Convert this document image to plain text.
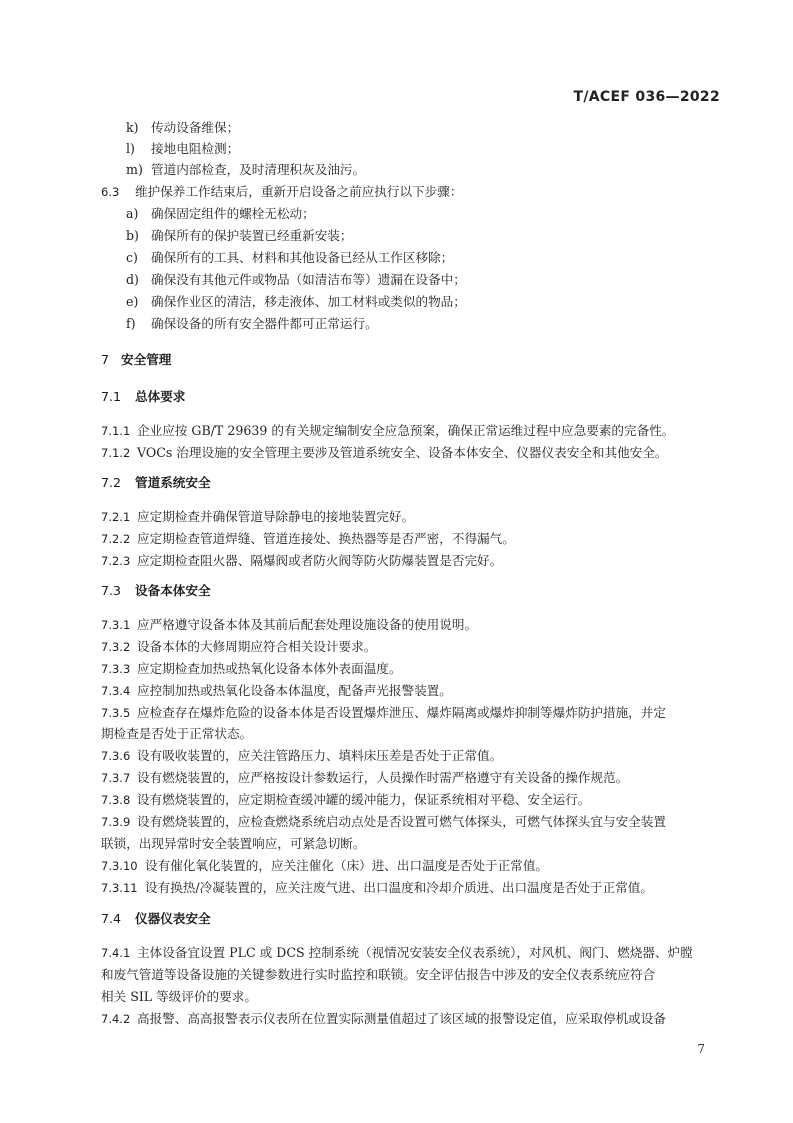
T/ACEF 036—2022
k) 传动设备维保；
l) 接地电阻检测；
m) 管道内部检查，及时清理积灰及油污。
6.3 维护保养工作结束后，重新开启设备之前应执行以下步骤：
a) 确保固定组件的螺栓无松动；
b) 确保所有的保护装置已经重新安装；
c) 确保所有的工具、材料和其他设备已经从工作区移除；
d) 确保没有其他元件或物品（如清洁布等）遗漏在设备中；
e) 确保作业区的清洁，移走液体、加工材料或类似的物品；
f) 确保设备的所有安全器件都可正常运行。
7 安全管理
7.1 总体要求
7.1.1 企业应按 GB/T 29639 的有关规定编制安全应急预案，确保正常运维过程中应急要素的完备性。
7.1.2 VOCs 治理设施的安全管理主要涉及管道系统安全、设备本体安全、仪器仪表安全和其他安全。
7.2 管道系统安全
7.2.1 应定期检查并确保管道导除静电的接地装置完好。
7.2.2 应定期检查管道焊缝、管道连接处、换热器等是否严密，不得漏气。
7.2.3 应定期检查阻火器、隔爆阀或者防火阀等防火防爆装置是否完好。
7.3 设备本体安全
7.3.1 应严格遵守设备本体及其前后配套处理设施设备的使用说明。
7.3.2 设备本体的大修周期应符合相关设计要求。
7.3.3 应定期检查加热或热氧化设备本体外表面温度。
7.3.4 应控制加热或热氧化设备本体温度，配备声光报警装置。
7.3.5 应检查存在爆炸危险的设备本体是否设置爆炸泄压、爆炸隔离或爆炸抑制等爆炸防护措施，并定
期检查是否处于正常状态。
7.3.6 设有吸收装置的，应关注管路压力、填料床压差是否处于正常值。
7.3.7 设有燃烧装置的，应严格按设计参数运行，人员操作时需严格遵守有关设备的操作规范。
7.3.8 设有燃烧装置的，应定期检查缓冲罐的缓冲能力，保证系统相对平稳、安全运行。
7.3.9 设有燃烧装置的，应检查燃烧系统启动点处是否设置可燃气体探头，可燃气体探头宜与安全装置
联锁，出现异常时安全装置响应，可紧急切断。
7.3.10 设有催化氧化装置的，应关注催化（床）进、出口温度是否处于正常值。
7.3.11 设有换热/冷凝装置的，应关注废气进、出口温度和冷却介质进、出口温度是否处于正常值。
7.4 仪器仪表安全
7.4.1 主体设备宜设置 PLC 或 DCS 控制系统（视情况安装安全仪表系统），对风机、阀门、燃烧器、炉膛
和废气管道等设备设施的关键参数进行实时监控和联锁。安全评估报告中涉及的安全仪表系统应符合
相关 SIL 等级评价的要求。
7.4.2 高报警、高高报警表示仪表所在位置实际测量值超过了该区域的报警设定值，应采取停机或设备
7
